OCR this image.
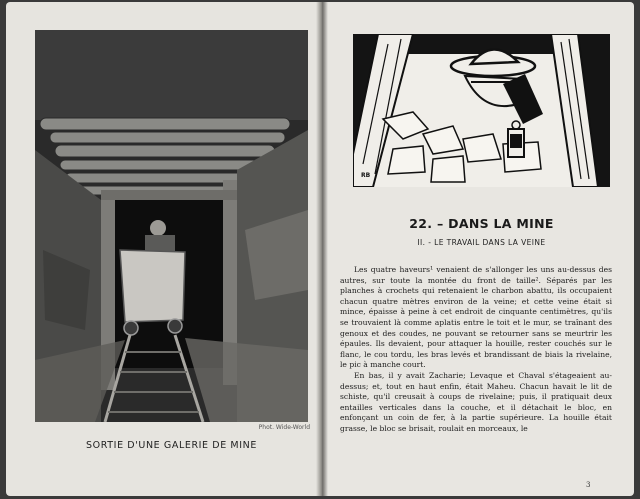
Phot. Wide-World
SORTIE D'UNE GALERIE DE MINE
RB
22. – DANS LA MINE
II. - LE TRAVAIL DANS LA VEINE

Les quatre haveurs¹ venaient de s'allonger les uns au-dessus des autres, sur toute la montée du front de taille². Séparés par les planches à crochets qui retenaient le charbon abattu, ils occupaient chacun quatre mètres environ de la veine; et cette veine était si mince, épaisse à peine à cet endroit de cinquante centimètres, qu'ils se trouvaient là comme aplatis entre le toit et le mur, se traînant des genoux et des coudes, ne pouvant se retourner sans se meurtrir les épaules. Ils devaient, pour attaquer la houille, rester couchés sur le flanc, le cou tordu, les bras levés et brandissant de biais la rivelaine, le pic à manche court.

En bas, il y avait Zacharie; Levaque et Chaval s'étageaient au-dessus; et, tout en haut enfin, était Maheu. Chacun havait le lit de schiste, qu'il creusait à coups de rivelaine; puis, il pratiquait deux entailles verticales dans la couche, et il détachait le bloc, en enfonçant un coin de fer, à la partie supérieure. La houille était grasse, le bloc se brisait, roulait en morceaux, le

3
